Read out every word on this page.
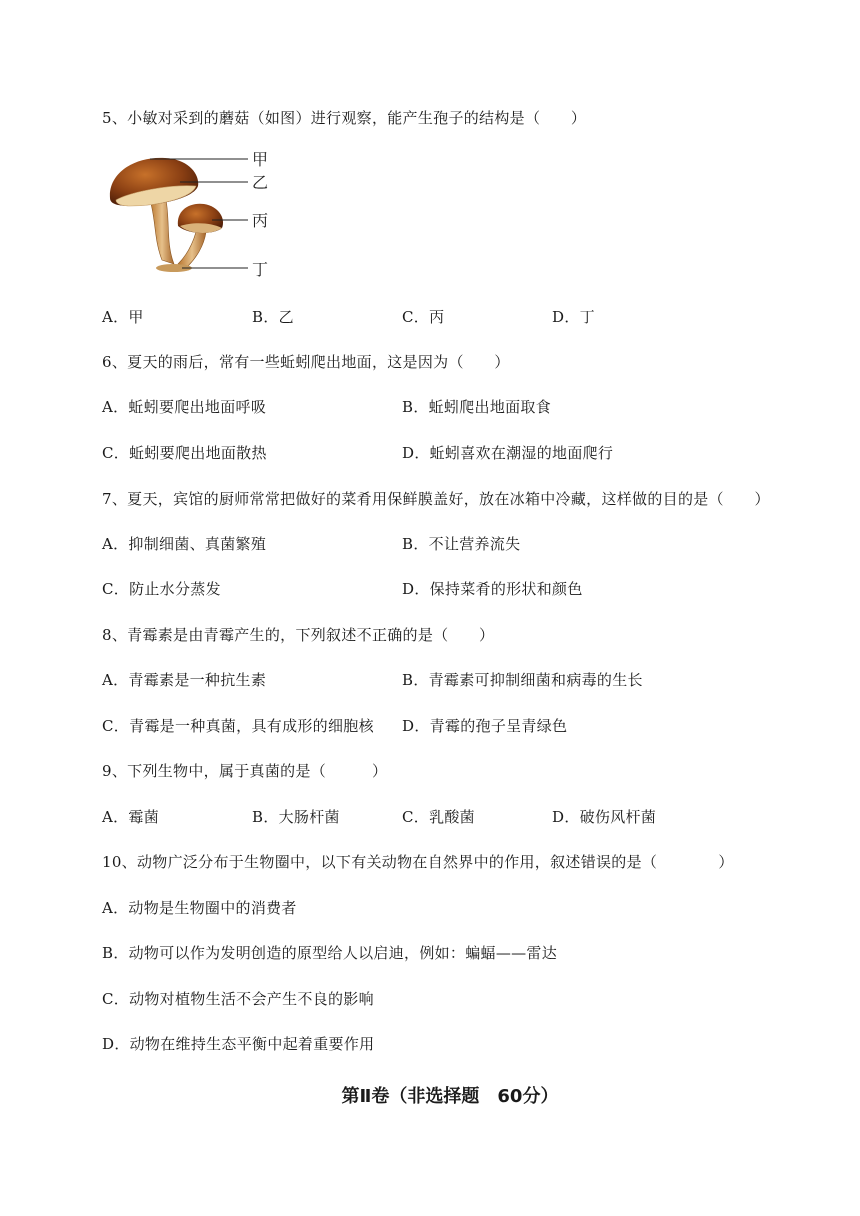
5、小敏对采到的蘑菇（如图）进行观察，能产生孢子的结构是（　　）
甲
乙
丙
丁
A．甲	B．乙	C．丙	D．丁
6、夏天的雨后，常有一些蚯蚓爬出地面，这是因为（　　）
A．蚯蚓要爬出地面呼吸	B．蚯蚓爬出地面取食
C．蚯蚓要爬出地面散热	D．蚯蚓喜欢在潮湿的地面爬行
7、夏天，宾馆的厨师常常把做好的菜肴用保鲜膜盖好，放在冰箱中冷藏，这样做的目的是（　　）
A．抑制细菌、真菌繁殖	B．不让营养流失
C．防止水分蒸发	D．保持菜肴的形状和颜色
8、青霉素是由青霉产生的，下列叙述不正确的是（　　）
A．青霉素是一种抗生素	B．青霉素可抑制细菌和病毒的生长
C．青霉是一种真菌，具有成形的细胞核 D．青霉的孢子呈青绿色
9、下列生物中，属于真菌的是（　　　）
A．霉菌	B．大肠杆菌	C．乳酸菌	D．破伤风杆菌
10、动物广泛分布于生物圈中，以下有关动物在自然界中的作用，叙述错误的是（　　　　）
A．动物是生物圈中的消费者
B．动物可以作为发明创造的原型给人以启迪，例如：蝙蝠——雷达
C．动物对植物生活不会产生不良的影响
D．动物在维持生态平衡中起着重要作用
第Ⅱ卷（非选择题　60分）
